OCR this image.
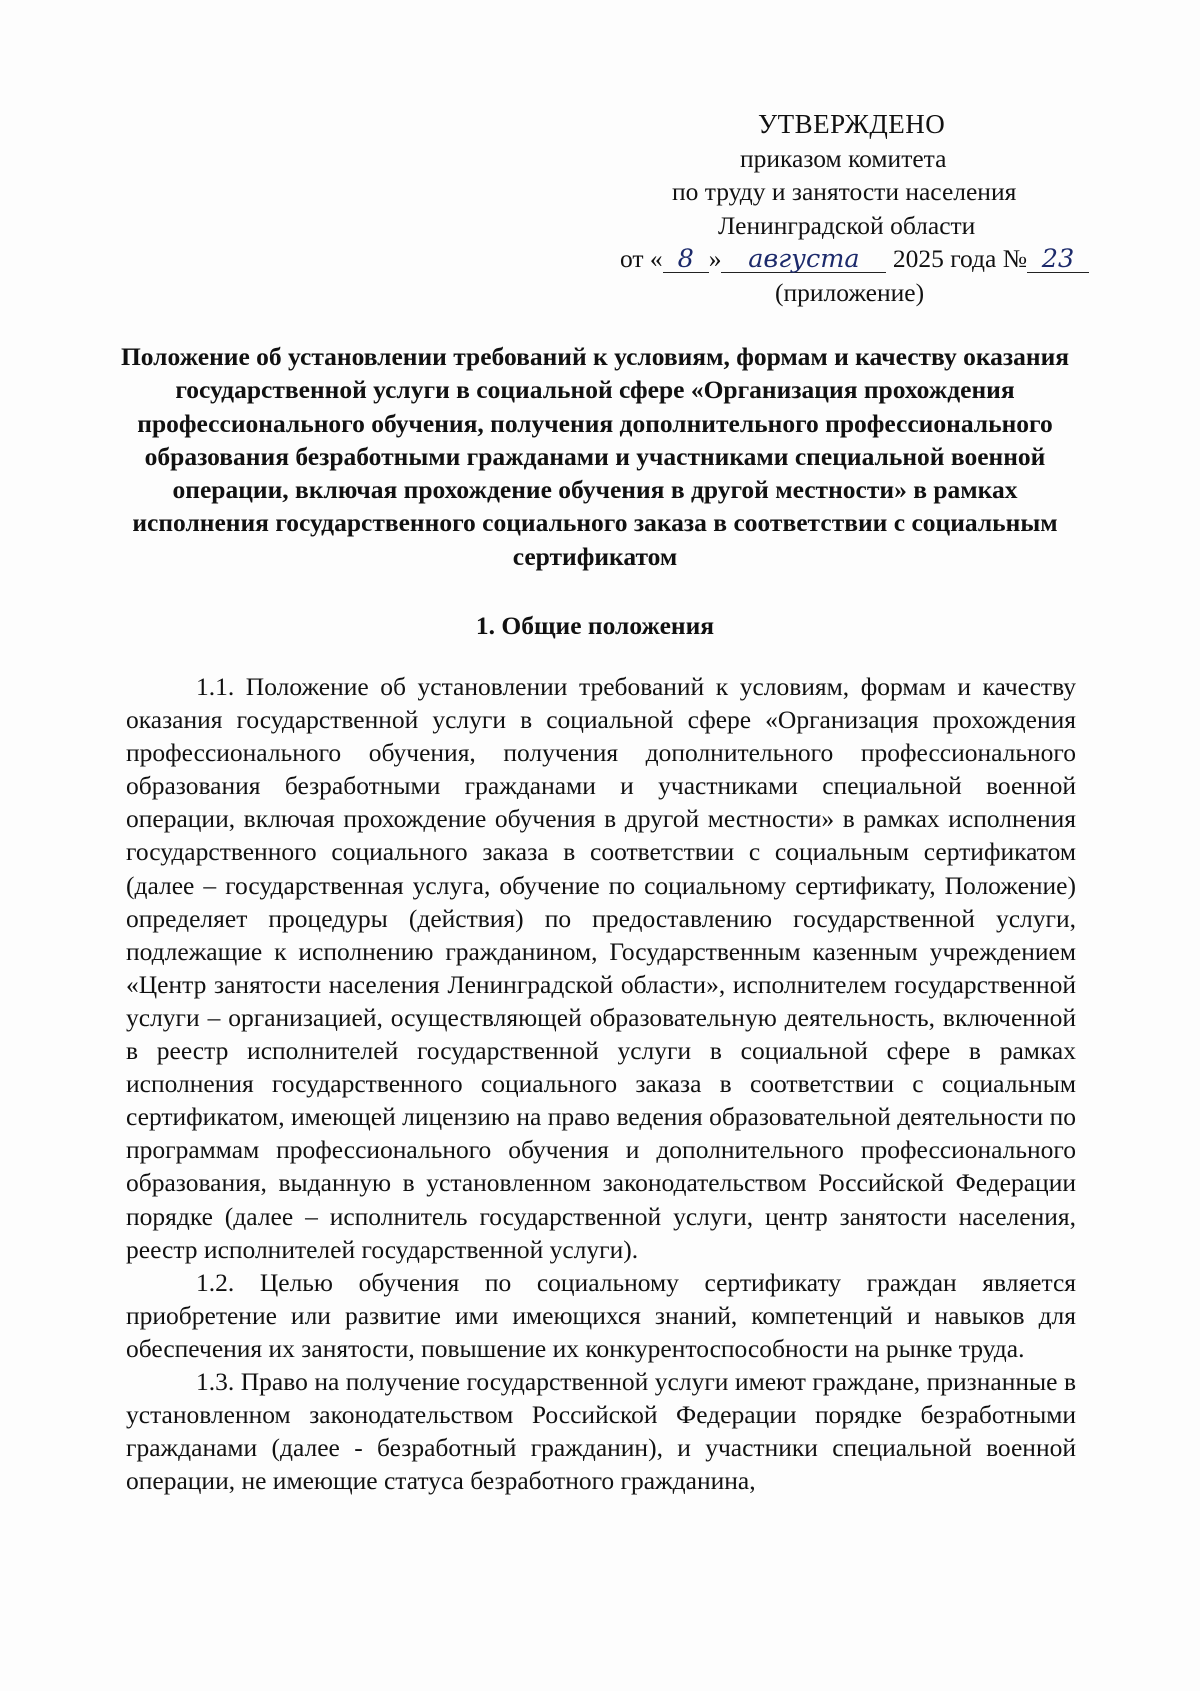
УТВЕРЖДЕНО
приказом комитета
по труду и занятости населения
Ленинградской области
от « 8 » августа 2025 года № 23
(приложение)
Положение об установлении требований к условиям, формам и качеству оказания государственной услуги в социальной сфере «Организация прохождения профессионального обучения, получения дополнительного профессионального образования безработными гражданами и участниками специальной военной операции, включая прохождение обучения в другой местности» в рамках исполнения государственного социального заказа в соответствии с социальным сертификатом
1. Общие положения

1.1. Положение об установлении требований к условиям, формам и качеству оказания государственной услуги в социальной сфере «Организация прохождения профессионального обучения, получения дополнительного профессионального образования безработными гражданами и участниками специальной военной операции, включая прохождение обучения в другой местности» в рамках исполнения государственного социального заказа в соответствии с социальным сертификатом (далее – государственная услуга, обучение по социальному сертификату, Положение) определяет процедуры (действия) по предоставлению государственной услуги, подлежащие к исполнению гражданином, Государственным казенным учреждением «Центр занятости населения Ленинградской области», исполнителем государственной услуги – организацией, осуществляющей образовательную деятельность, включенной в реестр исполнителей государственной услуги в социальной сфере в рамках исполнения государственного социального заказа в соответствии с социальным сертификатом, имеющей лицензию на право ведения образовательной деятельности по программам профессионального обучения и дополнительного профессионального образования, выданную в установленном законодательством Российской Федерации порядке (далее – исполнитель государственной услуги, центр занятости населения, реестр исполнителей государственной услуги).

1.2. Целью обучения по социальному сертификату граждан является приобретение или развитие ими имеющихся знаний, компетенций и навыков для обеспечения их занятости, повышение их конкурентоспособности на рынке труда.

1.3. Право на получение государственной услуги имеют граждане, признанные в установленном законодательством Российской Федерации порядке безработными гражданами (далее - безработный гражданин), и участники специальной военной операции, не имеющие статуса безработного гражданина,
